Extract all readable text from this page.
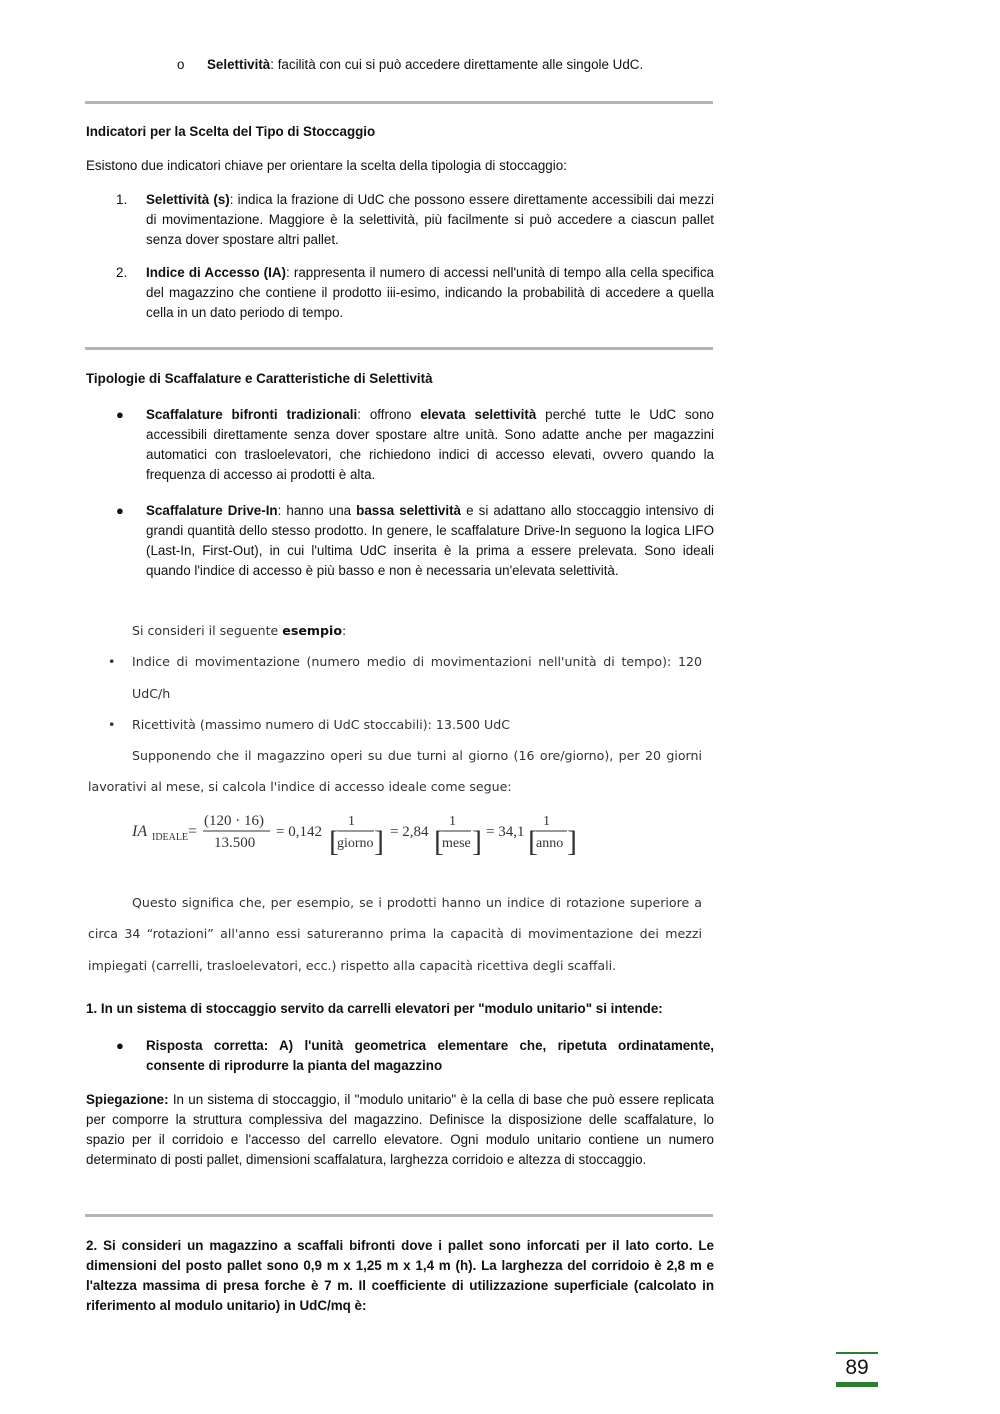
o Selettività: facilità con cui si può accedere direttamente alle singole UdC.
Indicatori per la Scelta del Tipo di Stoccaggio
Esistono due indicatori chiave per orientare la scelta della tipologia di stoccaggio:
1.	Selettività (s): indica la frazione di UdC che possono essere direttamente accessibili dai mezzi di movimentazione. Maggiore è la selettività, più facilmente si può accedere a ciascun pallet senza dover spostare altri pallet.
2.	Indice di Accesso (IA): rappresenta il numero di accessi nell'unità di tempo alla cella specifica del magazzino che contiene il prodotto iii-esimo, indicando la probabilità di accedere a quella cella in un dato periodo di tempo.
Tipologie di Scaffalature e Caratteristiche di Selettività
● Scaffalature bifronti tradizionali: offrono elevata selettività perché tutte le UdC sono accessibili direttamente senza dover spostare altre unità. Sono adatte anche per magazzini automatici con trasloelevatori, che richiedono indici di accesso elevati, ovvero quando la frequenza di accesso ai prodotti è alta.
● Scaffalature Drive-In: hanno una bassa selettività e si adattano allo stoccaggio intensivo di grandi quantità dello stesso prodotto. In genere, le scaffalature Drive-In seguono la logica LIFO (Last-In, First-Out), in cui l'ultima UdC inserita è la prima a essere prelevata. Sono ideali quando l'indice di accesso è più basso e non è necessaria un'elevata selettività.
Si consideri il seguente esempio:
• Indice di movimentazione (numero medio di movimentazioni nell'unità di tempo): 120
UdC/h
• Ricettività (massimo numero di UdC stoccabili): 13.500 UdC
Supponendo che il magazzino operi su due turni al giorno (16 ore/giorno), per 20 giorni
lavorativi al mese, si calcola l'indice di accesso ideale come segue:
IA IDEALE =
(120 · 16)
13.500
= 0,142 [
1
giorno ] = 2,84 [
1
mese ] = 34,1 [
1
anno ]
Questo significa che, per esempio, se i prodotti hanno un indice di rotazione superiore a
circa 34 “rotazioni” all'anno essi satureranno prima la capacità di movimentazione dei mezzi
impiegati (carrelli, trasloelevatori, ecc.) rispetto alla capacità ricettiva degli scaffali.
1. In un sistema di stoccaggio servito da carrelli elevatori per "modulo unitario" si intende:
● Risposta corretta: A) l'unità geometrica elementare che, ripetuta ordinatamente, consente di riprodurre la pianta del magazzino
Spiegazione: In un sistema di stoccaggio, il "modulo unitario" è la cella di base che può essere replicata per comporre la struttura complessiva del magazzino. Definisce la disposizione delle scaffalature, lo spazio per il corridoio e l'accesso del carrello elevatore. Ogni modulo unitario contiene un numero determinato di posti pallet, dimensioni scaffalatura, larghezza corridoio e altezza di stoccaggio.
2. Si consideri un magazzino a scaffali bifronti dove i pallet sono inforcati per il lato corto. Le dimensioni del posto pallet sono 0,9 m x 1,25 m x 1,4 m (h). La larghezza del corridoio è 2,8 m e l'altezza massima di presa forche è 7 m. Il coefficiente di utilizzazione superficiale (calcolato in riferimento al modulo unitario) in UdC/mq è:
89
